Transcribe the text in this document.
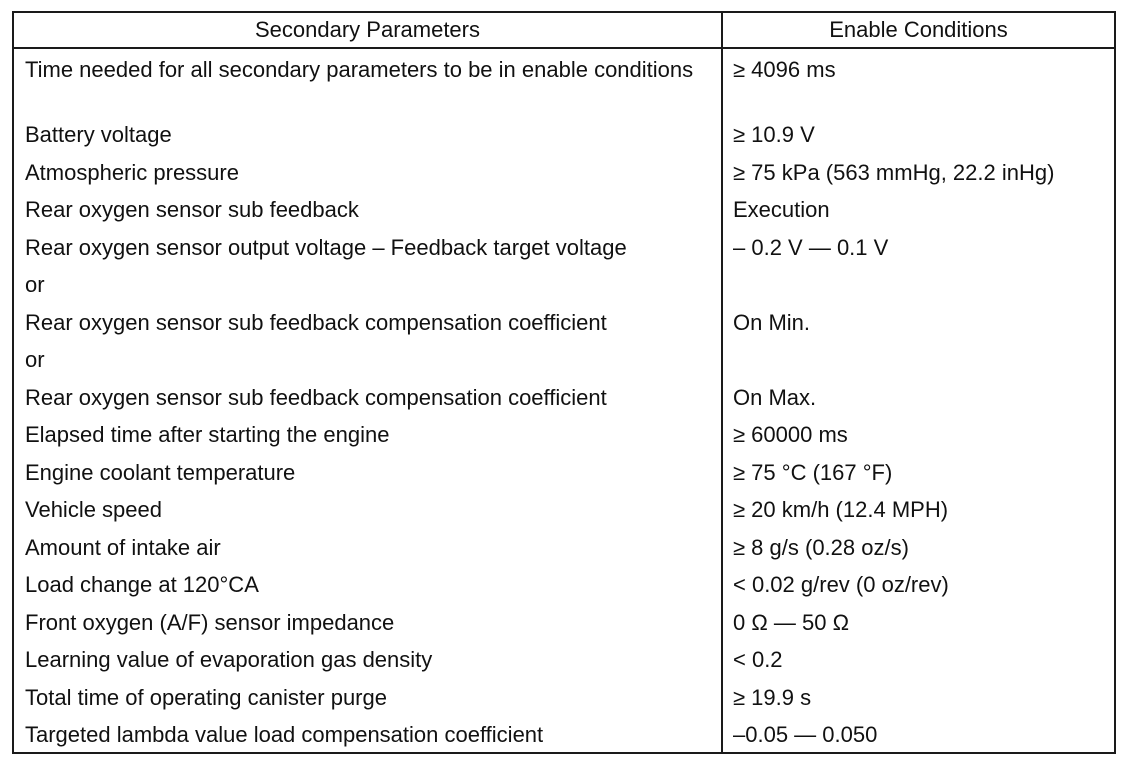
Secondary Parameters	Enable Conditions
Time needed for all secondary parameters to be in enable conditions	≥ 4096 ms
Battery voltage	≥ 10.9 V
Atmospheric pressure	≥ 75 kPa (563 mmHg, 22.2 inHg)
Rear oxygen sensor sub feedback	Execution
Rear oxygen sensor output voltage – Feedback target voltage	– 0.2 V — 0.1 V
or	
Rear oxygen sensor sub feedback compensation coefficient	On Min.
or	
Rear oxygen sensor sub feedback compensation coefficient	On Max.
Elapsed time after starting the engine	≥ 60000 ms
Engine coolant temperature	≥ 75 °C (167 °F)
Vehicle speed	≥ 20 km/h (12.4 MPH)
Amount of intake air	≥ 8 g/s (0.28 oz/s)
Load change at 120°CA	< 0.02 g/rev (0 oz/rev)
Front oxygen (A/F) sensor impedance	0 Ω — 50 Ω
Learning value of evaporation gas density	< 0.2
Total time of operating canister purge	≥ 19.9 s
Targeted lambda value load compensation coefficient	–0.05 — 0.050
